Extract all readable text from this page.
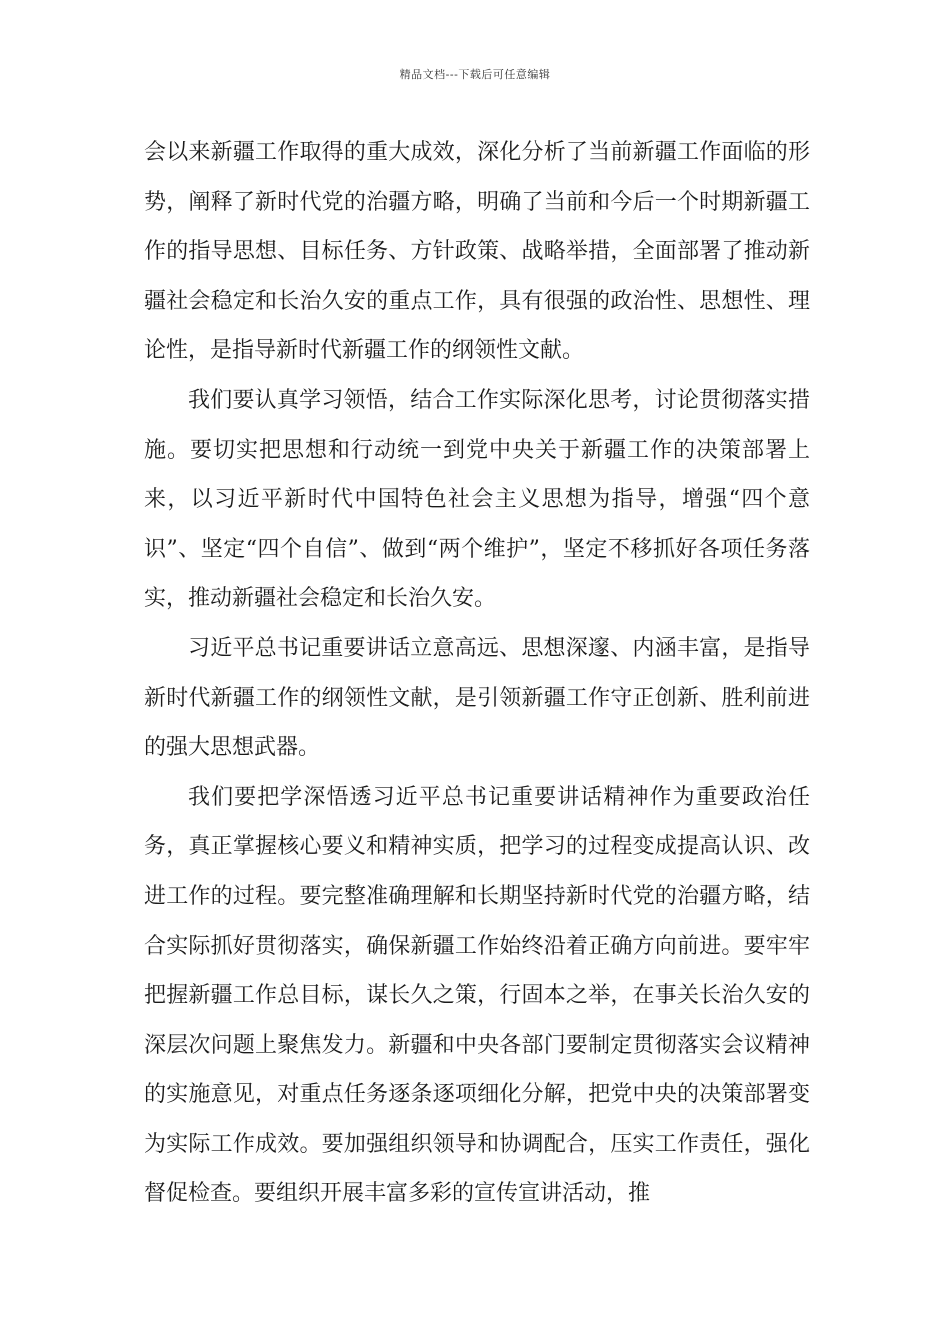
精品文档---下载后可任意编辑

会以来新疆工作取得的重大成效，深化分析了当前新疆工作面临的形势，阐释了新时代党的治疆方略，明确了当前和今后一个时期新疆工作的指导思想、目标任务、方针政策、战略举措，全面部署了推动新疆社会稳定和长治久安的重点工作，具有很强的政治性、思想性、理论性，是指导新时代新疆工作的纲领性文献。

我们要认真学习领悟，结合工作实际深化思考，讨论贯彻落实措施。要切实把思想和行动统一到党中央关于新疆工作的决策部署上来，以习近平新时代中国特色社会主义思想为指导，增强“四个意识”、坚定“四个自信”、做到“两个维护”，坚定不移抓好各项任务落实，推动新疆社会稳定和长治久安。

习近平总书记重要讲话立意高远、思想深邃、内涵丰富，是指导新时代新疆工作的纲领性文献，是引领新疆工作守正创新、胜利前进的强大思想武器。

我们要把学深悟透习近平总书记重要讲话精神作为重要政治任务，真正掌握核心要义和精神实质，把学习的过程变成提高认识、改进工作的过程。要完整准确理解和长期坚持新时代党的治疆方略，结合实际抓好贯彻落实，确保新疆工作始终沿着正确方向前进。要牢牢把握新疆工作总目标，谋长久之策，行固本之举，在事关长治久安的深层次问题上聚焦发力。新疆和中央各部门要制定贯彻落实会议精神的实施意见，对重点任务逐条逐项细化分解，把党中央的决策部署变为实际工作成效。要加强组织领导和协调配合，压实工作责任，强化督促检查。要组织开展丰富多彩的宣传宣讲活动，推
